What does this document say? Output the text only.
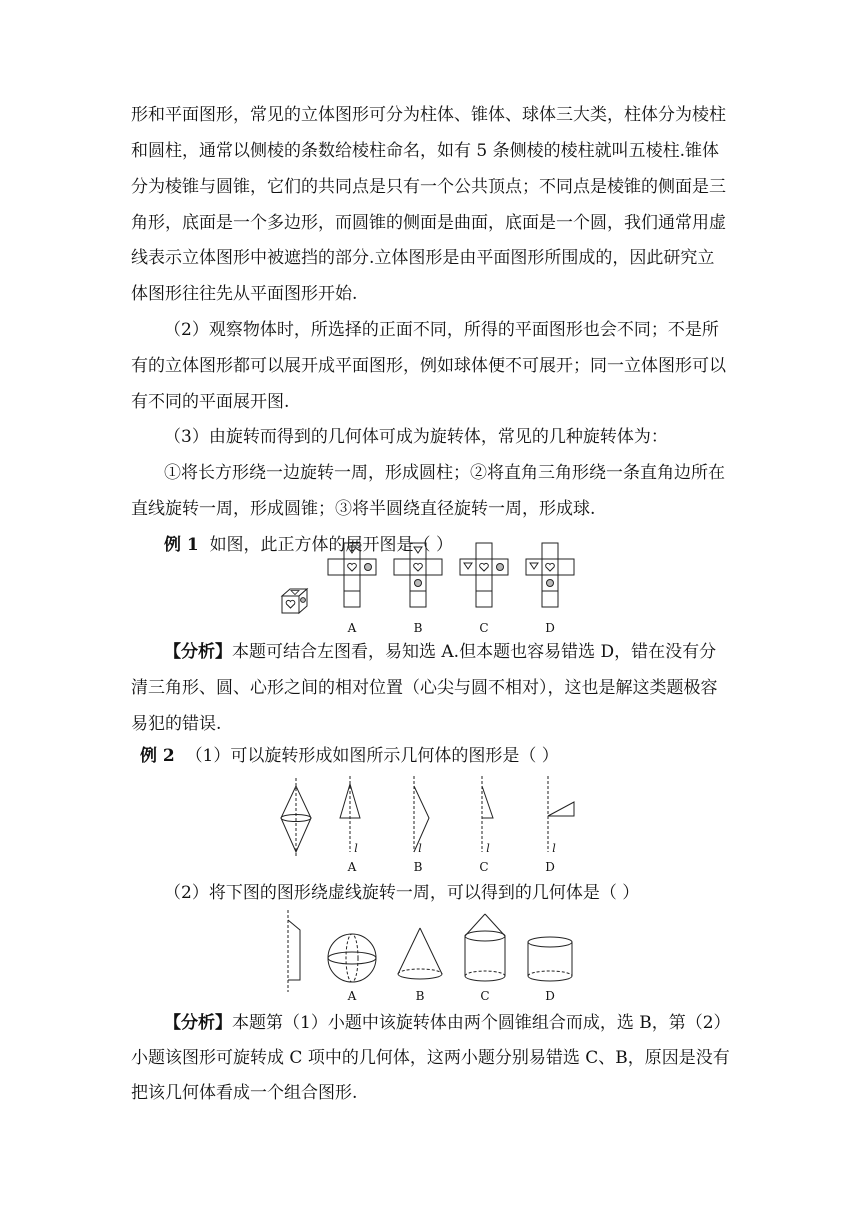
形和平面图形，常见的立体图形可分为柱体、锥体、球体三大类，柱体分为棱柱
和圆柱，通常以侧棱的条数给棱柱命名，如有 5 条侧棱的棱柱就叫五棱柱.锥体
分为棱锥与圆锥，它们的共同点是只有一个公共顶点；不同点是棱锥的侧面是三
角形，底面是一个多边形，而圆锥的侧面是曲面，底面是一个圆，我们通常用虚
线表示立体图形中被遮挡的部分.立体图形是由平面图形所围成的，因此研究立
体图形往往先从平面图形开始.
（2）观察物体时，所选择的正面不同，所得的平面图形也会不同；不是所
有的立体图形都可以展开成平面图形，例如球体便不可展开；同一立体图形可以
有不同的平面展开图.
（3）由旋转而得到的几何体可成为旋转体，常见的几种旋转体为：
①将长方形绕一边旋转一周，形成圆柱；②将直角三角形绕一条直角边所在
直线旋转一周，形成圆锥；③将半圆绕直径旋转一周，形成球.
例 1 如图，此正方体的展开图是（ ）
A	B	C	D
【分析】本题可结合左图看，易知选 A.但本题也容易错选 D，错在没有分
清三角形、圆、心形之间的相对位置（心尖与圆不相对），这也是解这类题极容
易犯的错误.
例 2 （1）可以旋转形成如图所示几何体的图形是（ ）
l	l	l	l
A	B	C	D
（2）将下图的图形绕虚线旋转一周，可以得到的几何体是（ ）
A	B	C	D
【分析】本题第（1）小题中该旋转体由两个圆锥组合而成，选 B，第（2）
小题该图形可旋转成 C 项中的几何体，这两小题分别易错选 C、B，原因是没有
把该几何体看成一个组合图形.
